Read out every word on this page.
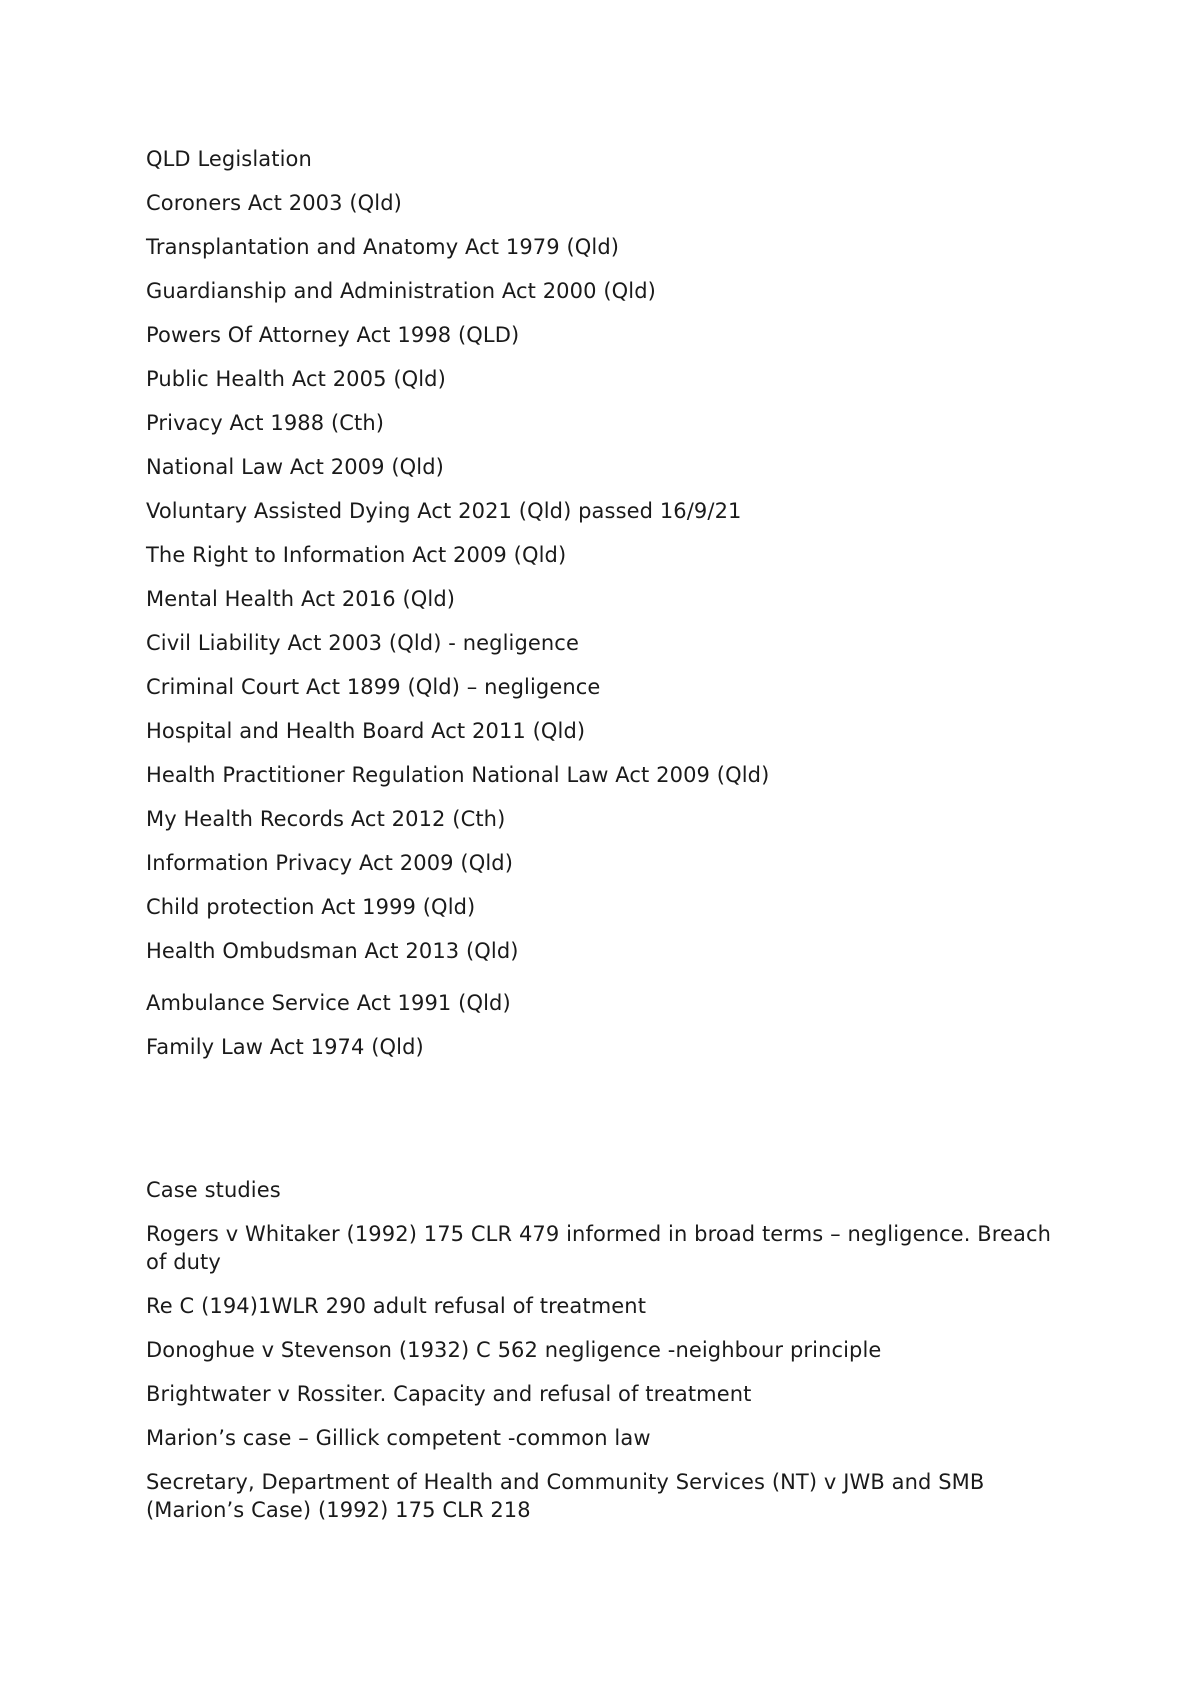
QLD Legislation
Coroners Act 2003 (Qld)
Transplantation and Anatomy Act 1979 (Qld)
Guardianship and Administration Act 2000 (Qld)
Powers Of Attorney Act 1998 (QLD)
Public Health Act 2005 (Qld)
Privacy Act 1988 (Cth)
National Law Act 2009 (Qld)
Voluntary Assisted Dying Act 2021 (Qld) passed 16/9/21
The Right to Information Act 2009 (Qld)
Mental Health Act 2016 (Qld)
Civil Liability Act 2003 (Qld) - negligence
Criminal Court Act 1899 (Qld) – negligence
Hospital and Health Board Act 2011 (Qld)
Health Practitioner Regulation National Law Act 2009 (Qld)
My Health Records Act 2012 (Cth)
Information Privacy Act 2009 (Qld)
Child protection Act 1999 (Qld)
Health Ombudsman Act 2013 (Qld)
Ambulance Service Act 1991 (Qld)
Family Law Act 1974 (Qld)
Case studies
Rogers v Whitaker (1992) 175 CLR 479 informed in broad terms – negligence. Breach of duty
Re C (194)1WLR 290 adult refusal of treatment
Donoghue v Stevenson (1932) C 562 negligence -neighbour principle
Brightwater v Rossiter. Capacity and refusal of treatment
Marion’s case – Gillick competent -common law
Secretary, Department of Health and Community Services (NT) v JWB and SMB (Marion’s Case) (1992) 175 CLR 218
